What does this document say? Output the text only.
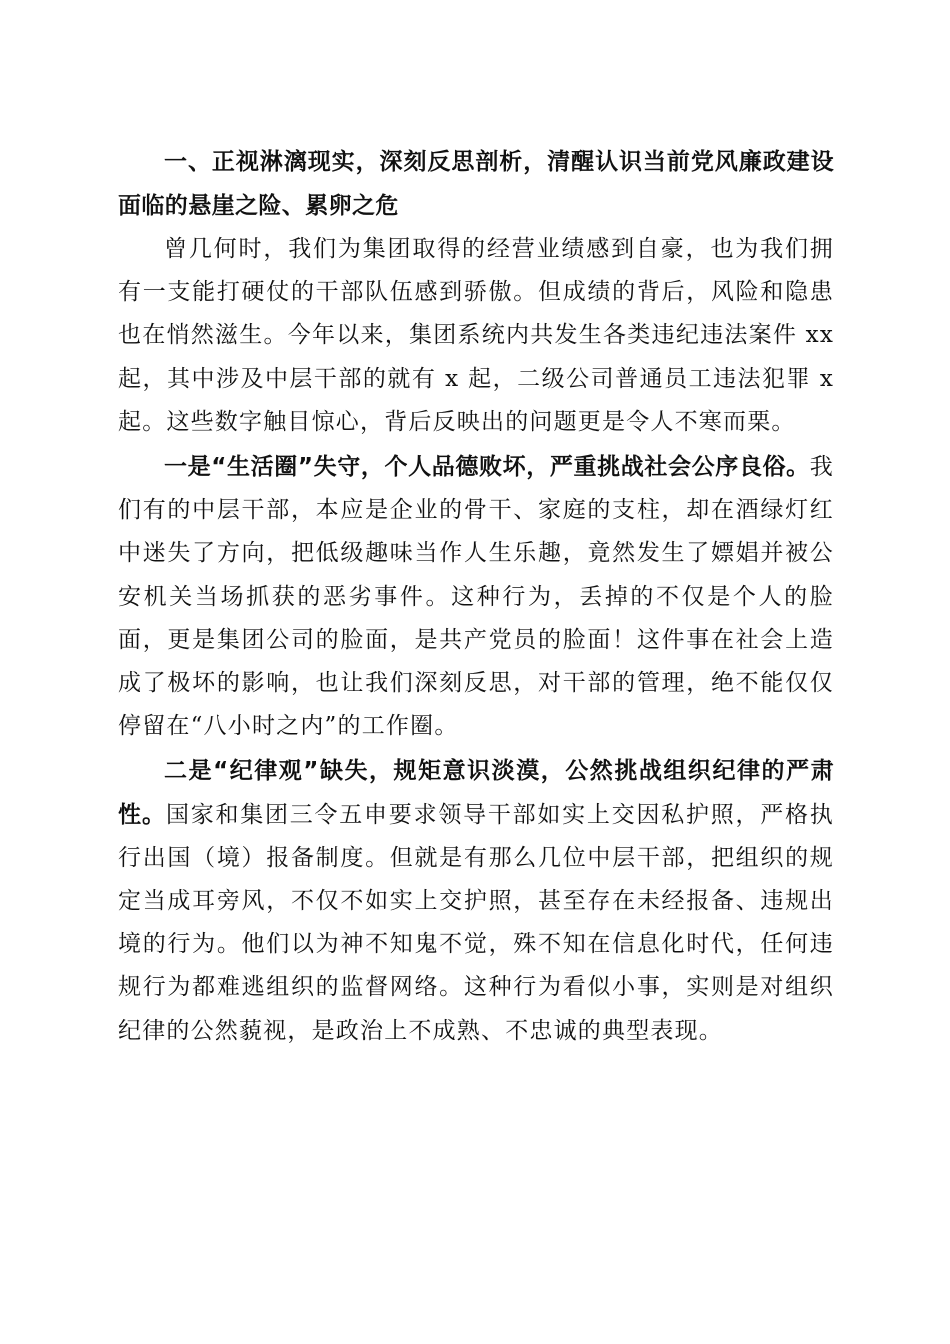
一、正视淋漓现实，深刻反思剖析，清醒认识当前党风廉政建设面临的悬崖之险、累卵之危

曾几何时，我们为集团取得的经营业绩感到自豪，也为我们拥有一支能打硬仗的干部队伍感到骄傲。但成绩的背后，风险和隐患也在悄然滋生。今年以来，集团系统内共发生各类违纪违法案件 xx 起，其中涉及中层干部的就有 x 起，二级公司普通员工违法犯罪 x 起。这些数字触目惊心，背后反映出的问题更是令人不寒而栗。

一是“生活圈”失守，个人品德败坏，严重挑战社会公序良俗。我们有的中层干部，本应是企业的骨干、家庭的支柱，却在酒绿灯红中迷失了方向，把低级趣味当作人生乐趣，竟然发生了嫖娼并被公安机关当场抓获的恶劣事件。这种行为，丢掉的不仅是个人的脸面，更是集团公司的脸面，是共产党员的脸面！这件事在社会上造成了极坏的影响，也让我们深刻反思，对干部的管理，绝不能仅仅停留在“八小时之内”的工作圈。

二是“纪律观”缺失，规矩意识淡漠，公然挑战组织纪律的严肃性。国家和集团三令五申要求领导干部如实上交因私护照，严格执行出国（境）报备制度。但就是有那么几位中层干部，把组织的规定当成耳旁风，不仅不如实上交护照，甚至存在未经报备、违规出境的行为。他们以为神不知鬼不觉，殊不知在信息化时代，任何违规行为都难逃组织的监督网络。这种行为看似小事，实则是对组织纪律的公然藐视，是政治上不成熟、不忠诚的典型表现。
